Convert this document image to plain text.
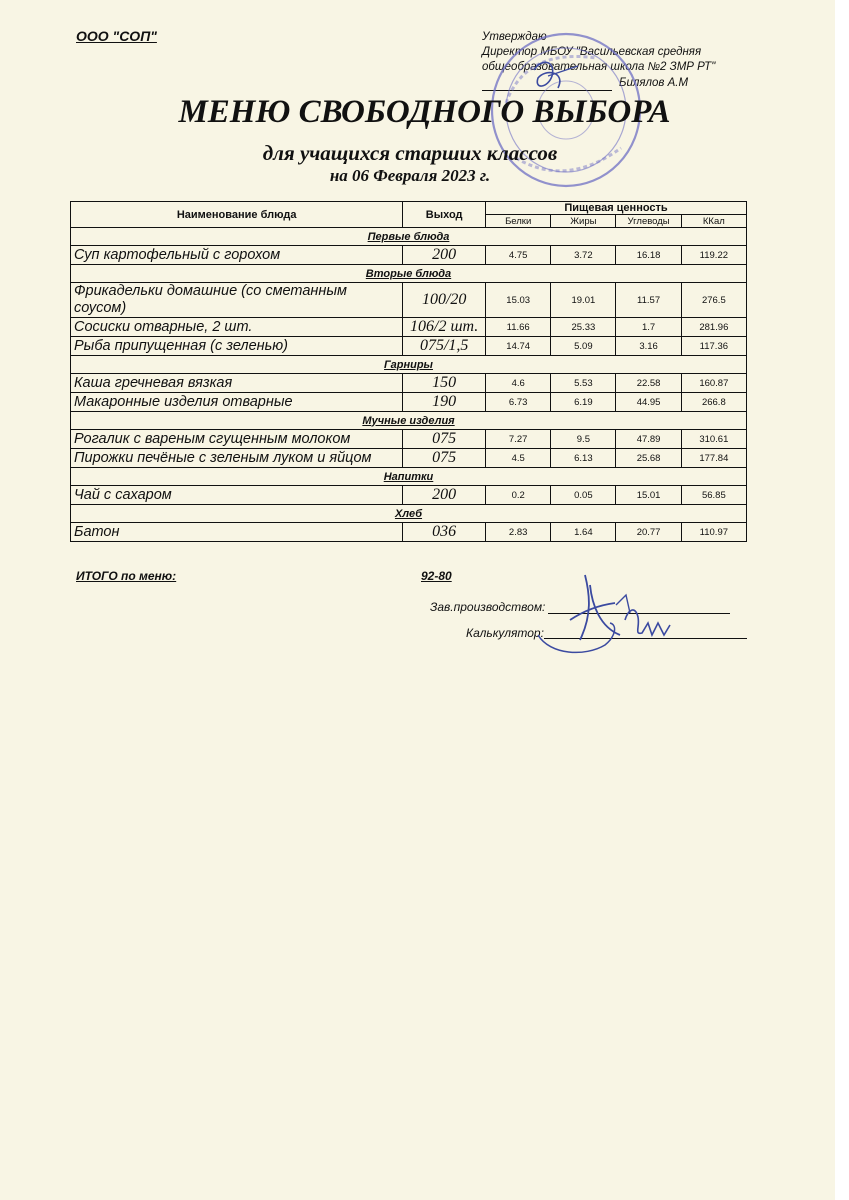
ООО "СОП"	Утверждаю
Директор МБОУ "Васильевская средняя
общеобразовательная школа №2 ЗМР РТ"
Билялов А.М
МЕНЮ СВОБОДНОГО ВЫБОРА
для учащихся старших классов
на 06 Февраля 2023 г.
Наименование блюда	Выход	Пищевая ценность			
		Белки	Жиры	Углеводы	ККал
Первые блюда					
Суп картофельный с горохом	200	4.75	3.72	16.18	119.22
Вторые блюда					
Фрикадельки домашние (со сметанным соусом)	100/20	15.03	19.01	11.57	276.5
Сосиски отварные, 2 шт.	106/2 шт.	11.66	25.33	1.7	281.96
Рыба припущенная (с зеленью)	075/1,5	14.74	5.09	3.16	117.36
Гарниры					
Каша гречневая вязкая	150	4.6	5.53	22.58	160.87
Макаронные изделия отварные	190	6.73	6.19	44.95	266.8
Мучные изделия					
Рогалик с вареным сгущенным молоком	075	7.27	9.5	47.89	310.61
Пирожки печёные с зеленым луком и яйцом	075	4.5	6.13	25.68	177.84
Напитки					
Чай с сахаром	200	0.2	0.05	15.01	56.85
Хлеб					
Батон	036	2.83	1.64	20.77	110.97
ИТОГО по меню:	92-80
Зав.производством:
Калькулятор:
